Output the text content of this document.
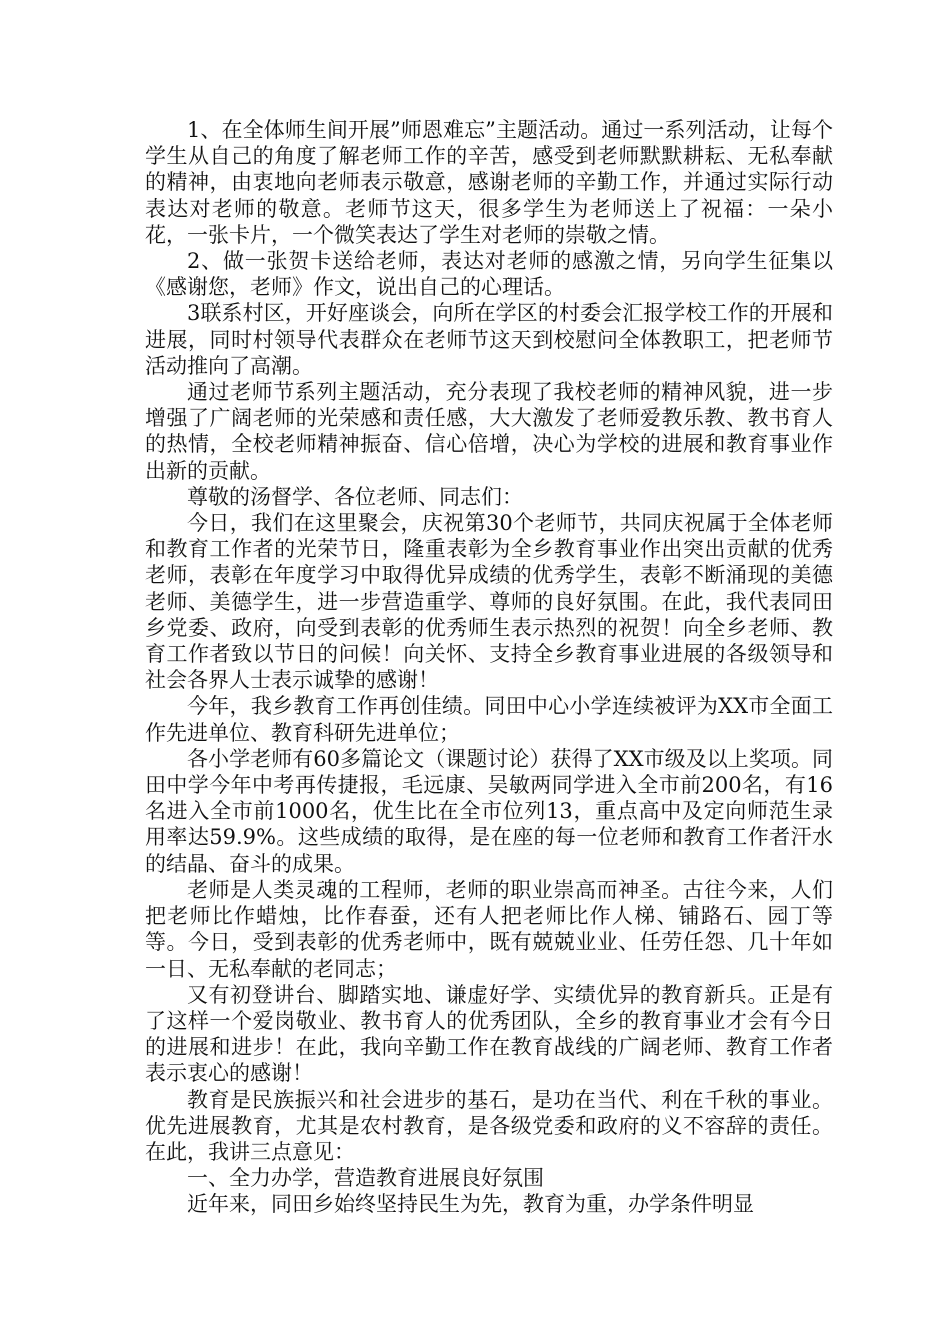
1、在全体师生间开展”师恩难忘”主题活动。通过一系列活动，让每个学生从自己的角度了解老师工作的辛苦，感受到老师默默耕耘、无私奉献的精神，由衷地向老师表示敬意，感谢老师的辛勤工作，并通过实际行动表达对老师的敬意。老师节这天，很多学生为老师送上了祝福：一朵小花，一张卡片，一个微笑表达了学生对老师的崇敬之情。

2、做一张贺卡送给老师，表达对老师的感激之情，另向学生征集以《感谢您，老师》作文，说出自己的心理话。

3联系村区，开好座谈会，向所在学区的村委会汇报学校工作的开展和进展，同时村领导代表群众在老师节这天到校慰问全体教职工，把老师节活动推向了高潮。

通过老师节系列主题活动，充分表现了我校老师的精神风貌，进一步增强了广阔老师的光荣感和责任感，大大激发了老师爱教乐教、教书育人的热情，全校老师精神振奋、信心倍增，决心为学校的进展和教育事业作出新的贡献。

尊敬的汤督学、各位老师、同志们：

今日，我们在这里聚会，庆祝第30个老师节，共同庆祝属于全体老师和教育工作者的光荣节日，隆重表彰为全乡教育事业作出突出贡献的优秀老师，表彰在年度学习中取得优异成绩的优秀学生，表彰不断涌现的美德老师、美德学生，进一步营造重学、尊师的良好氛围。在此，我代表同田乡党委、政府，向受到表彰的优秀师生表示热烈的祝贺！向全乡老师、教育工作者致以节日的问候！向关怀、支持全乡教育事业进展的各级领导和社会各界人士表示诚挚的感谢！

今年，我乡教育工作再创佳绩。同田中心小学连续被评为XX市全面工作先进单位、教育科研先进单位；

各小学老师有60多篇论文（课题讨论）获得了XX市级及以上奖项。同田中学今年中考再传捷报，毛远康、吴敏两同学进入全市前200名，有16名进入全市前1000名，优生比在全市位列13，重点高中及定向师范生录用率达59.9%。这些成绩的取得，是在座的每一位老师和教育工作者汗水的结晶、奋斗的成果。

老师是人类灵魂的工程师，老师的职业崇高而神圣。古往今来，人们把老师比作蜡烛，比作春蚕，还有人把老师比作人梯、铺路石、园丁等等。今日，受到表彰的优秀老师中，既有兢兢业业、任劳任怨、几十年如一日、无私奉献的老同志；

又有初登讲台、脚踏实地、谦虚好学、实绩优异的教育新兵。正是有了这样一个爱岗敬业、教书育人的优秀团队，全乡的教育事业才会有今日的进展和进步！在此，我向辛勤工作在教育战线的广阔老师、教育工作者表示衷心的感谢！

教育是民族振兴和社会进步的基石，是功在当代、利在千秋的事业。优先进展教育，尤其是农村教育，是各级党委和政府的义不容辞的责任。在此，我讲三点意见：

一、全力办学，营造教育进展良好氛围

近年来，同田乡始终坚持民生为先，教育为重，办学条件明显
